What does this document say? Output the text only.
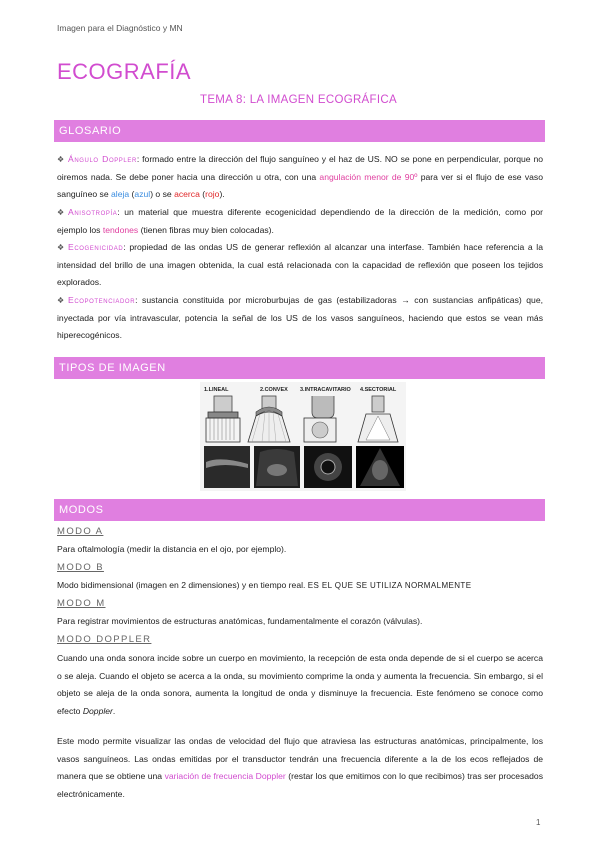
Imagen para el Diagnóstico y MN
ECOGRAFÍA
TEMA 8: LA IMAGEN ECOGRÁFICA
GLOSARIO
❖ Ángulo Doppler: formado entre la dirección del flujo sanguíneo y el haz de US. NO se pone en perpendicular, porque no oiremos nada. Se debe poner hacia una dirección u otra, con una angulación menor de 90º para ver si el flujo de ese vaso sanguíneo se aleja (azul) o se acerca (rojo).
❖ Anisotropía: un material que muestra diferente ecogenicidad dependiendo de la dirección de la medición, como por ejemplo los tendones (tienen fibras muy bien colocadas).
❖ Ecogenicidad: propiedad de las ondas US de generar reflexión al alcanzar una interfase. También hace referencia a la intensidad del brillo de una imagen obtenida, la cual está relacionada con la capacidad de reflexión que poseen los tejidos explorados.
❖ Ecopotenciador: sustancia constituida por microburbujas de gas (estabilizadoras → con sustancias anfipáticas) que, inyectada por vía intravascular, potencia la señal de los US de los vasos sanguíneos, haciendo que estos se vean más hiperecogénicos.
TIPOS DE IMAGEN
1.LINEAL	2.CONVEX 3.INTRACAVITARIO 4.SECTORIAL
MODOS
MODO A
Para oftalmología (medir la distancia en el ojo, por ejemplo).
MODO B
Modo bidimensional (imagen en 2 dimensiones) y en tiempo real. ES EL QUE SE UTILIZA NORMALMENTE
MODO M
Para registrar movimientos de estructuras anatómicas, fundamentalmente el corazón (válvulas).
MODO DOPPLER
Cuando una onda sonora incide sobre un cuerpo en movimiento, la recepción de esta onda depende de si el cuerpo se acerca o se aleja. Cuando el objeto se acerca a la onda, su movimiento comprime la onda y aumenta la frecuencia. Sin embargo, si el objeto se aleja de la onda sonora, aumenta la longitud de onda y disminuye la frecuencia. Este fenómeno se conoce como efecto Doppler.
Este modo permite visualizar las ondas de velocidad del flujo que atraviesa las estructuras anatómicas, principalmente, los vasos sanguíneos. Las ondas emitidas por el transductor tendrán una frecuencia diferente a la de los ecos reflejados de manera que se obtiene una variación de frecuencia Doppler (restar los que emitimos con lo que recibimos) tras ser procesados electrónicamente.
1
